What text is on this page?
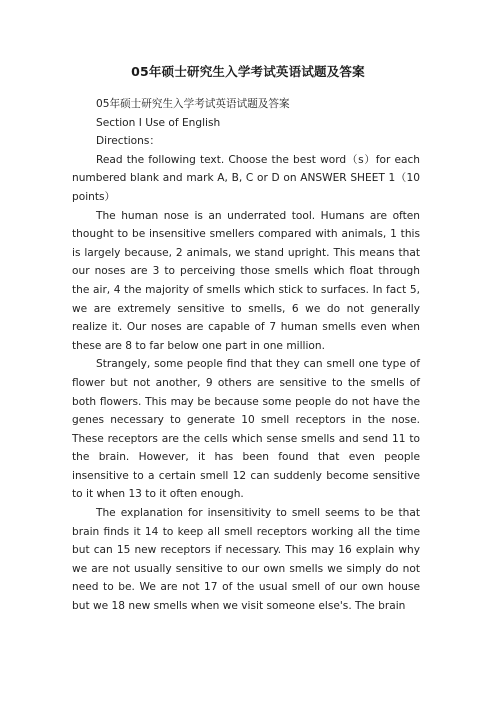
05年硕士研究生入学考试英语试题及答案

05年硕士研究生入学考试英语试题及答案

Section I Use of English

Directions：

Read the following text. Choose the best word（s）for each numbered blank and mark A, B, C or D on ANSWER SHEET 1（10 points）

The human nose is an underrated tool. Humans are often thought to be insensitive smellers compared with animals, 1 this is largely because, 2 animals, we stand upright. This means that our noses are 3 to perceiving those smells which float through the air, 4 the majority of smells which stick to surfaces. In fact 5, we are extremely sensitive to smells, 6 we do not generally realize it. Our noses are capable of 7 human smells even when these are 8 to far below one part in one million.

Strangely, some people find that they can smell one type of flower but not another, 9 others are sensitive to the smells of both flowers. This may be because some people do not have the genes necessary to generate 10 smell receptors in the nose. These receptors are the cells which sense smells and send 11 to the brain. However, it has been found that even people insensitive to a certain smell 12 can suddenly become sensitive to it when 13 to it often enough.

The explanation for insensitivity to smell seems to be that brain finds it 14 to keep all smell receptors working all the time but can 15 new receptors if necessary. This may 16 explain why we are not usually sensitive to our own smells we simply do not need to be. We are not 17 of the usual smell of our own house but we 18 new smells when we visit someone else's. The brain
